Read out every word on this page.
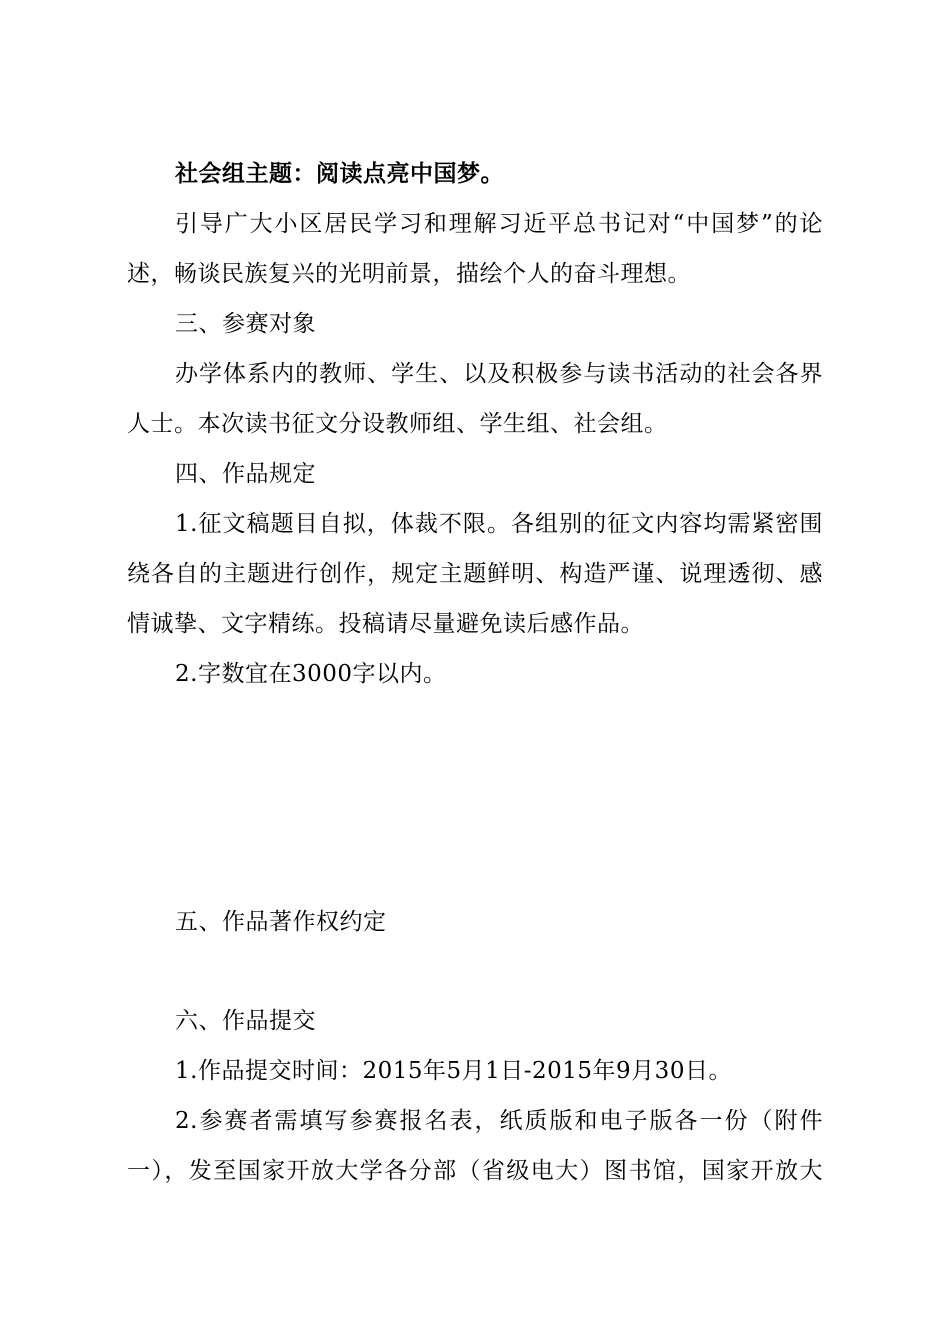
社会组主题：阅读点亮中国梦。
引导广大小区居民学习和理解习近平总书记对“中国梦”的论
述，畅谈民族复兴的光明前景，描绘个人的奋斗理想。
三、参赛对象
办学体系内的教师、学生、以及积极参与读书活动的社会各界
人士。本次读书征文分设教师组、学生组、社会组。
四、作品规定
1.征文稿题目自拟，体裁不限。各组别的征文内容均需紧密围
绕各自的主题进行创作，规定主题鲜明、构造严谨、说理透彻、感
情诚挚、文字精练。投稿请尽量避免读后感作品。
2.字数宜在3000字以内。
五、作品著作权约定
六、作品提交
1.作品提交时间：2015年5月1日-2015年9月30日。
2.参赛者需填写参赛报名表，纸质版和电子版各一份（附件
一），发至国家开放大学各分部（省级电大）图书馆，国家开放大
